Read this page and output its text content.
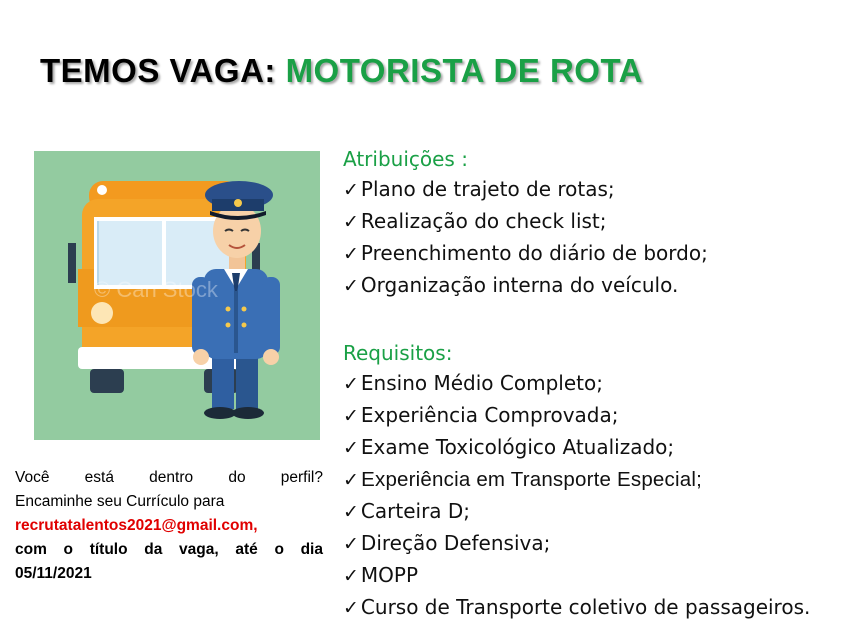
TEMOS VAGA: MOTORISTA DE ROTA
© Can Stock
Atribuições :
✓ Plano de trajeto de rotas;
✓ Realização do check list;
✓ Preenchimento do diário de bordo;
✓ Organização interna do veículo.
Requisitos:
✓ Ensino Médio Completo;
✓ Experiência Comprovada;
✓ Exame Toxicológico Atualizado;
✓Experiência em Transporte Especial;
✓ Carteira D;
✓ Direção Defensiva;
✓ MOPP
✓ Curso de Transporte coletivo de passageiros.

Você está dentro do perfil?

Encaminhe seu Currículo para

recrutatalentos2021@gmail.com,

com o título da vaga, até o dia

05/11/2021
